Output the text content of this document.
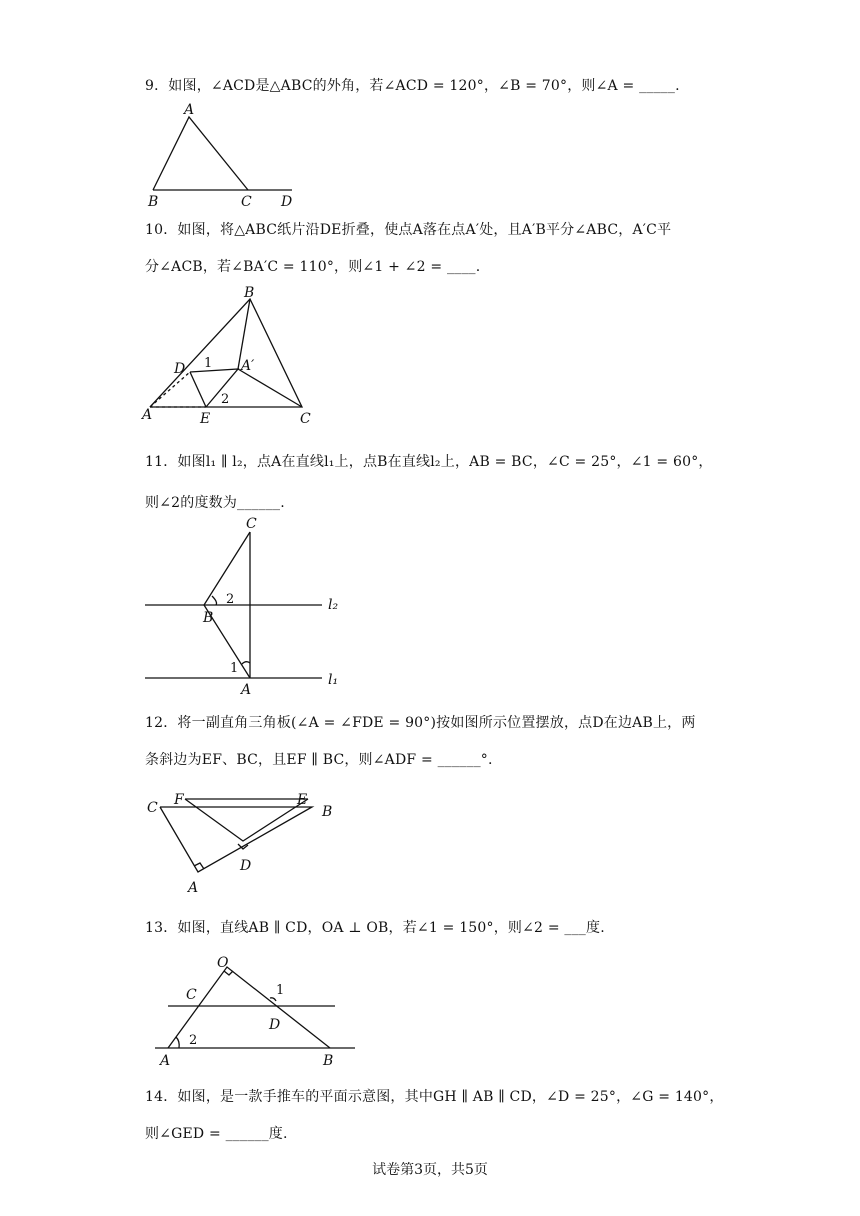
9．如图，∠ACD是△ABC的外角，若∠ACD = 120°，∠B = 70°，则∠A = _____.
A
B	C D
10．如图，将△ABC纸片沿DE折叠，使点A落在点A′处，且A′B平分∠ABC，A′C平
分∠ACB，若∠BA′C = 110°，则∠1 + ∠2 = ____.
B
D 1 A′
A	E
2
C
11．如图l₁ ∥ l₂，点A在直线l₁上，点B在直线l₂上，AB = BC，∠C = 25°，∠1 = 60°，
则∠2的度数为______.
C
2
B
l₂
1
A
l₁
12．将一副直角三角板(∠A = ∠FDE = 90°)按如图所示位置摆放，点D在边AB上，两
条斜边为EF、BC，且EF ∥ BC，则∠ADF = ______°.
C F	E
B
D
A
13．如图，直线AB ∥ CD，OA ⊥ OB，若∠1 = 150°，则∠2 = ___度.
O
C	1
D
2
A	B
14．如图，是一款手推车的平面示意图，其中GH ∥ AB ∥ CD，∠D = 25°，∠G = 140°，
则∠GED = ______度.
试卷第3页，共5页
